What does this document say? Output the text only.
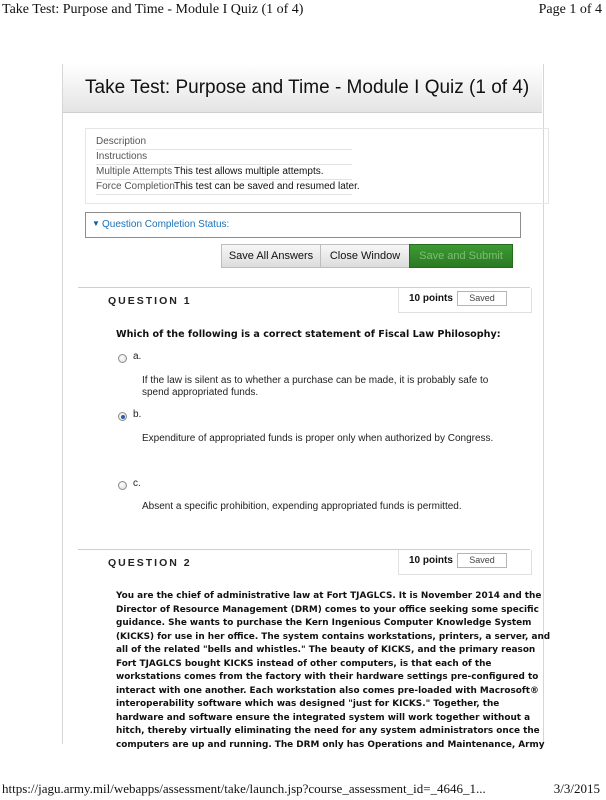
Take Test: Purpose and Time - Module I Quiz (1 of 4)	Page 1 of 4
Take Test: Purpose and Time - Module I Quiz (1 of 4)
Description
Instructions
Multiple Attempts This test allows multiple attempts.
Force Completion This test can be saved and resumed later.
▼ Question Completion Status:
Save All Answers	Close Window	Save and Submit
QUESTION 1	10 points	Saved
Which of the following is a correct statement of Fiscal Law Philosophy:
a.
If the law is silent as to whether a purchase can be made, it is probably safe to spend appropriated funds.
b.
Expenditure of appropriated funds is proper only when authorized by Congress.
c.
Absent a specific prohibition, expending appropriated funds is permitted.
QUESTION 2	10 points	Saved
You are the chief of administrative law at Fort TJAGLCS. It is November 2014 and the
Director of Resource Management (DRM) comes to your office seeking some specific
guidance. She wants to purchase the Kern Ingenious Computer Knowledge System
(KICKS) for use in her office. The system contains workstations, printers, a server, and
all of the related "bells and whistles." The beauty of KICKS, and the primary reason
Fort TJAGLCS bought KICKS instead of other computers, is that each of the
workstations comes from the factory with their hardware settings pre-configured to
interact with one another. Each workstation also comes pre-loaded with Macrosoft®
interoperability software which was designed "just for KICKS." Together, the
hardware and software ensure the integrated system will work together without a
hitch, thereby virtually eliminating the need for any system administrators once the
computers are up and running. The DRM only has Operations and Maintenance, Army
https://jagu.army.mil/webapps/assessment/take/launch.jsp?course_assessment_id=_4646_1...	3/3/2015
